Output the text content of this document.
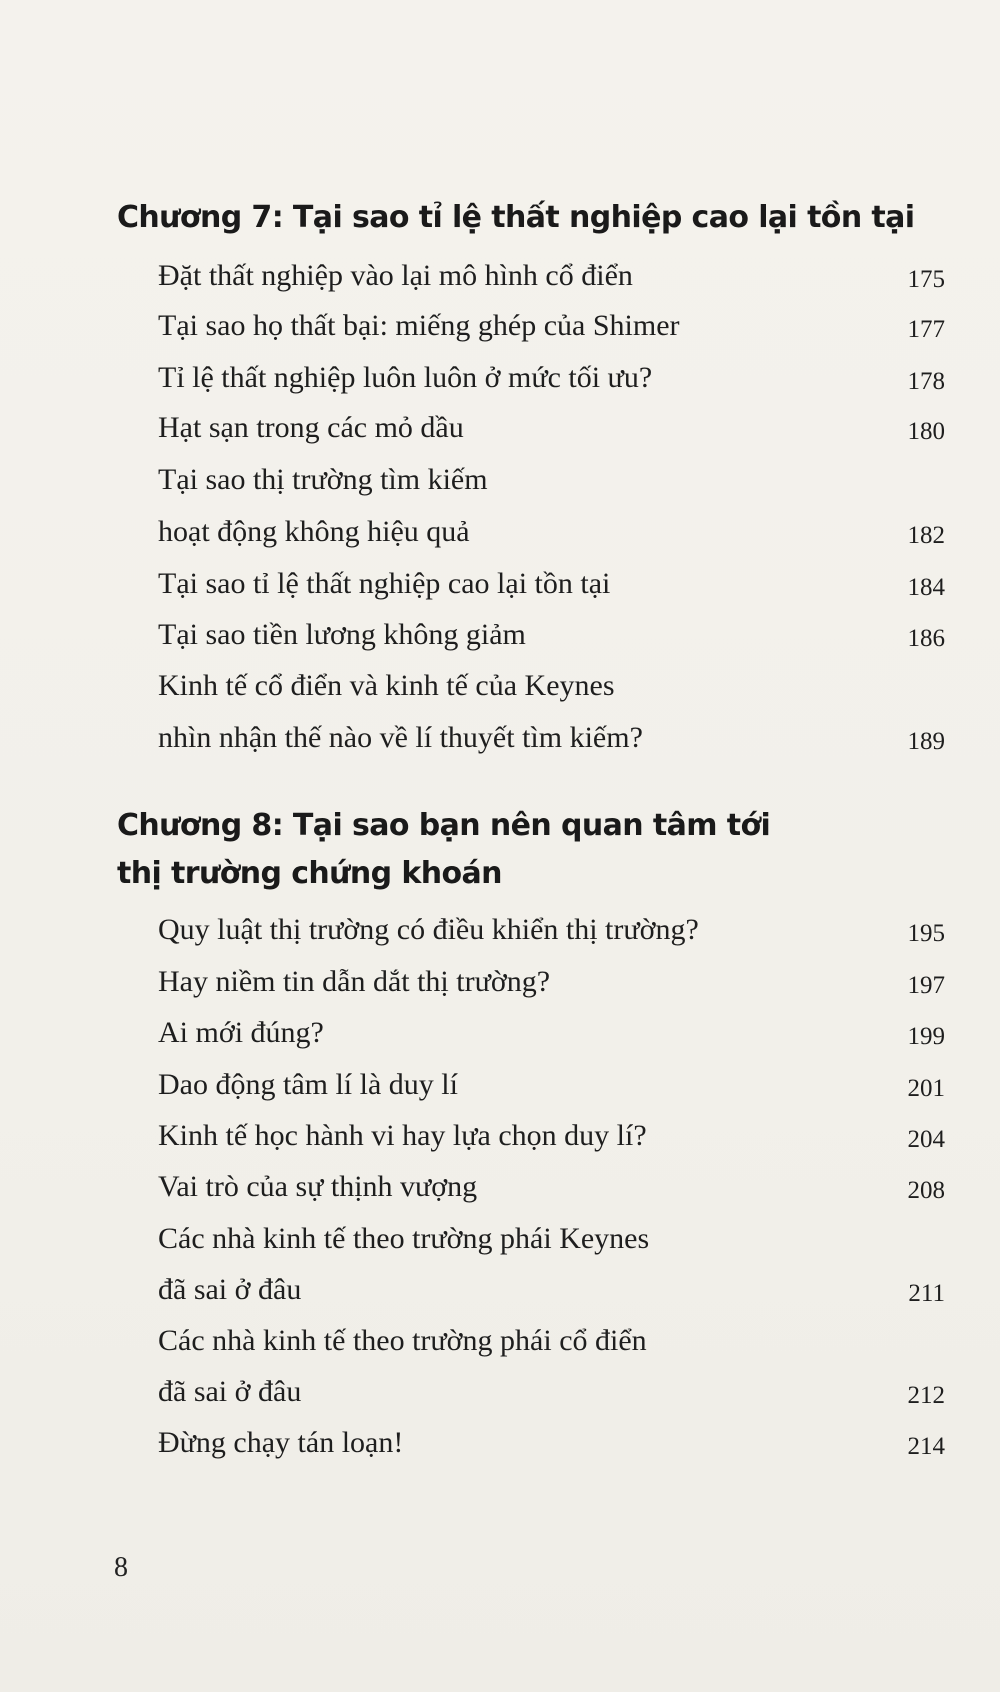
Chương 7: Tại sao tỉ lệ thất nghiệp cao lại tồn tại
Đặt thất nghiệp vào lại mô hình cổ điển	175
Tại sao họ thất bại: miếng ghép của Shimer	177
Tỉ lệ thất nghiệp luôn luôn ở mức tối ưu?	178
Hạt sạn trong các mỏ dầu	180
Tại sao thị trường tìm kiếm
hoạt động không hiệu quả	182
Tại sao tỉ lệ thất nghiệp cao lại tồn tại	184
Tại sao tiền lương không giảm	186
Kinh tế cổ điển và kinh tế của Keynes
nhìn nhận thế nào về lí thuyết tìm kiếm?	189
Chương 8: Tại sao bạn nên quan tâm tới
thị trường chứng khoán
Quy luật thị trường có điều khiển thị trường?	195
Hay niềm tin dẫn dắt thị trường?	197
Ai mới đúng?	199
Dao động tâm lí là duy lí	201
Kinh tế học hành vi hay lựa chọn duy lí?	204
Vai trò của sự thịnh vượng	208
Các nhà kinh tế theo trường phái Keynes
đã sai ở đâu	211
Các nhà kinh tế theo trường phái cổ điển
đã sai ở đâu	212
Đừng chạy tán loạn!	214
8
